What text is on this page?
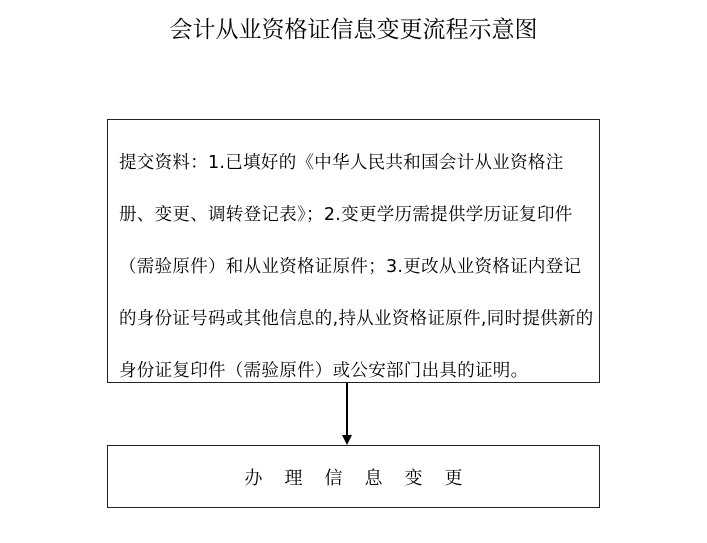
会计从业资格证信息变更流程示意图
提交资料：1.已填好的《中华人民共和国会计从业资格注册、变更、调转登记表》；2.变更学历需提供学历证复印件（需验原件）和从业资格证原件；3.更改从业资格证内登记的身份证号码或其他信息的,持从业资格证原件,同时提供新的身份证复印件（需验原件）或公安部门出具的证明。
办理信息变更
